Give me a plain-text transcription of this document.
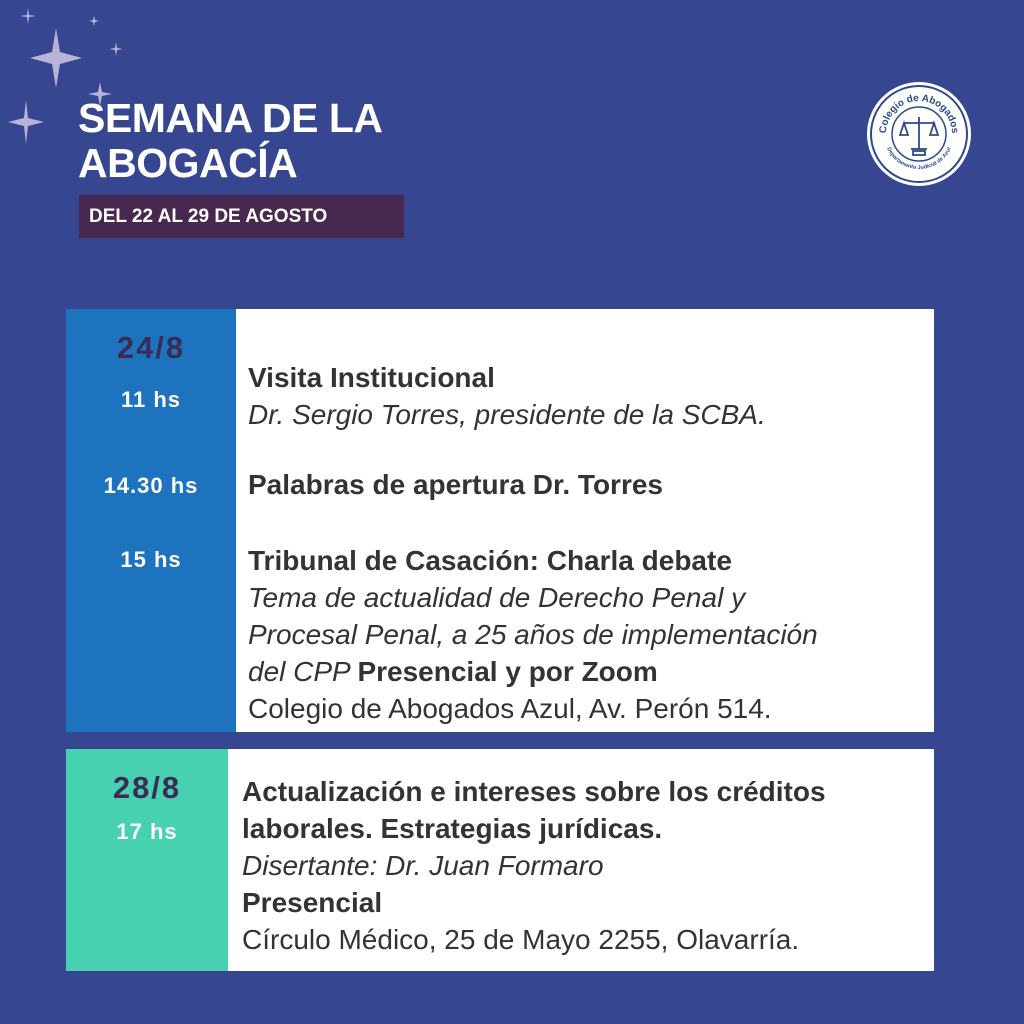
SEMANA DE LA
ABOGACÍA
DEL 22 AL 29 DE AGOSTO
Colegio de Abogados
Departamento Judicial de Azul
24/8
11 hs
14.30 hs
15 hs
Visita Institucional
Dr. Sergio Torres, presidente de la SCBA.
Palabras de apertura Dr. Torres
Tribunal de Casación: Charla debate
Tema de actualidad de Derecho Penal y
Procesal Penal, a 25 años de implementación
del CPP Presencial y por Zoom
Colegio de Abogados Azul, Av. Perón 514.
28/8
17 hs
Actualización e intereses sobre los créditos
laborales. Estrategias jurídicas.
Disertante: Dr. Juan Formaro
Presencial
Círculo Médico, 25 de Mayo 2255, Olavarría.
